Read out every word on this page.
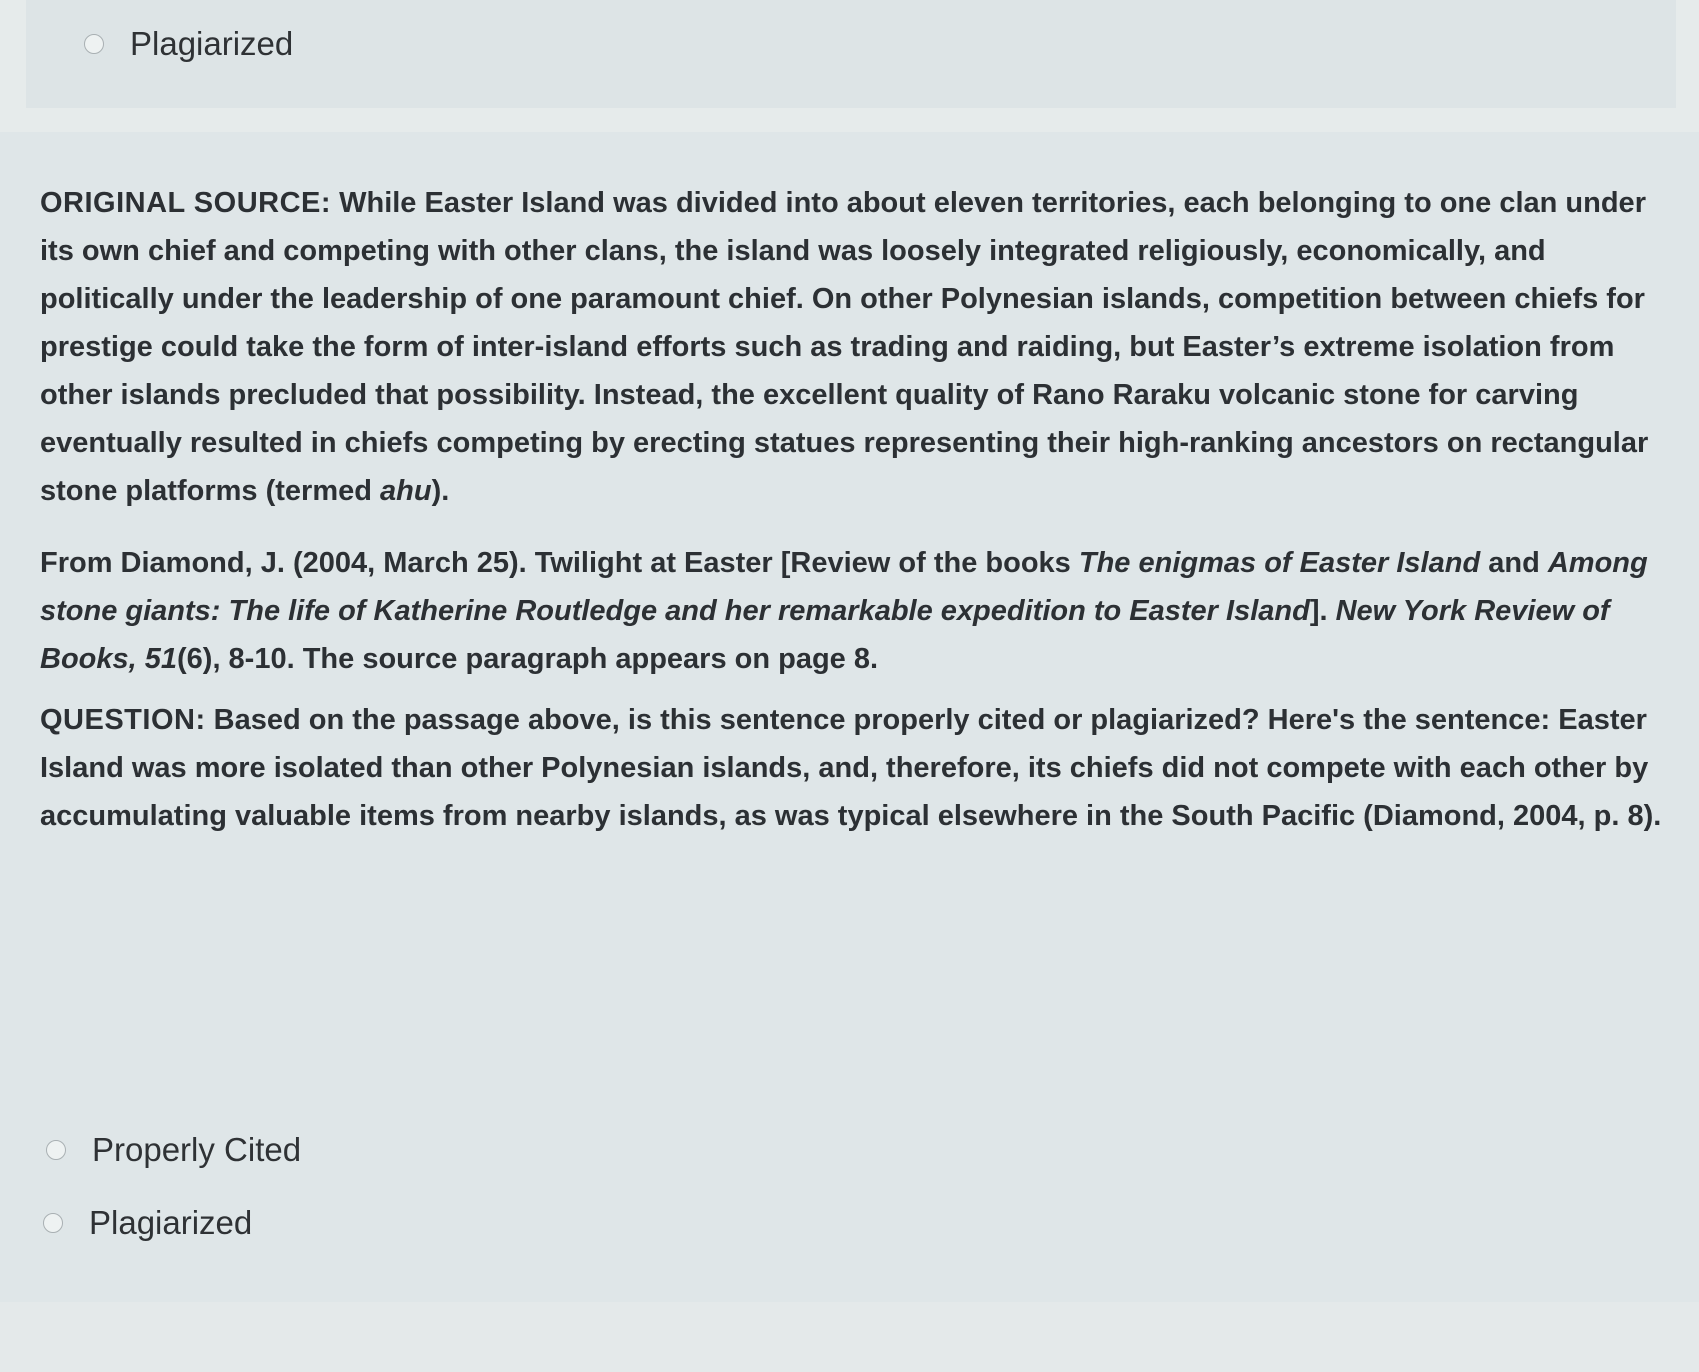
Plagiarized
ORIGINAL SOURCE: While Easter Island was divided into about eleven territories, each belonging to one clan under its own chief and competing with other clans, the island was loosely integrated religiously, economically, and politically under the leadership of one paramount chief. On other Polynesian islands, competition between chiefs for prestige could take the form of inter-island efforts such as trading and raiding, but Easter’s extreme isolation from other islands precluded that possibility. Instead, the excellent quality of Rano Raraku volcanic stone for carving eventually resulted in chiefs competing by erecting statues representing their high-ranking ancestors on rectangular stone platforms (termed ahu).
From Diamond, J. (2004, March 25). Twilight at Easter [Review of the books The enigmas of Easter Island and Among stone giants: The life of Katherine Routledge and her remarkable expedition to Easter Island]. New York Review of Books, 51(6), 8-10. The source paragraph appears on page 8.
QUESTION: Based on the passage above, is this sentence properly cited or plagiarized? Here's the sentence: Easter Island was more isolated than other Polynesian islands, and, therefore, its chiefs did not compete with each other by accumulating valuable items from nearby islands, as was typical elsewhere in the South Pacific (Diamond, 2004, p. 8).
Properly Cited
Plagiarized
